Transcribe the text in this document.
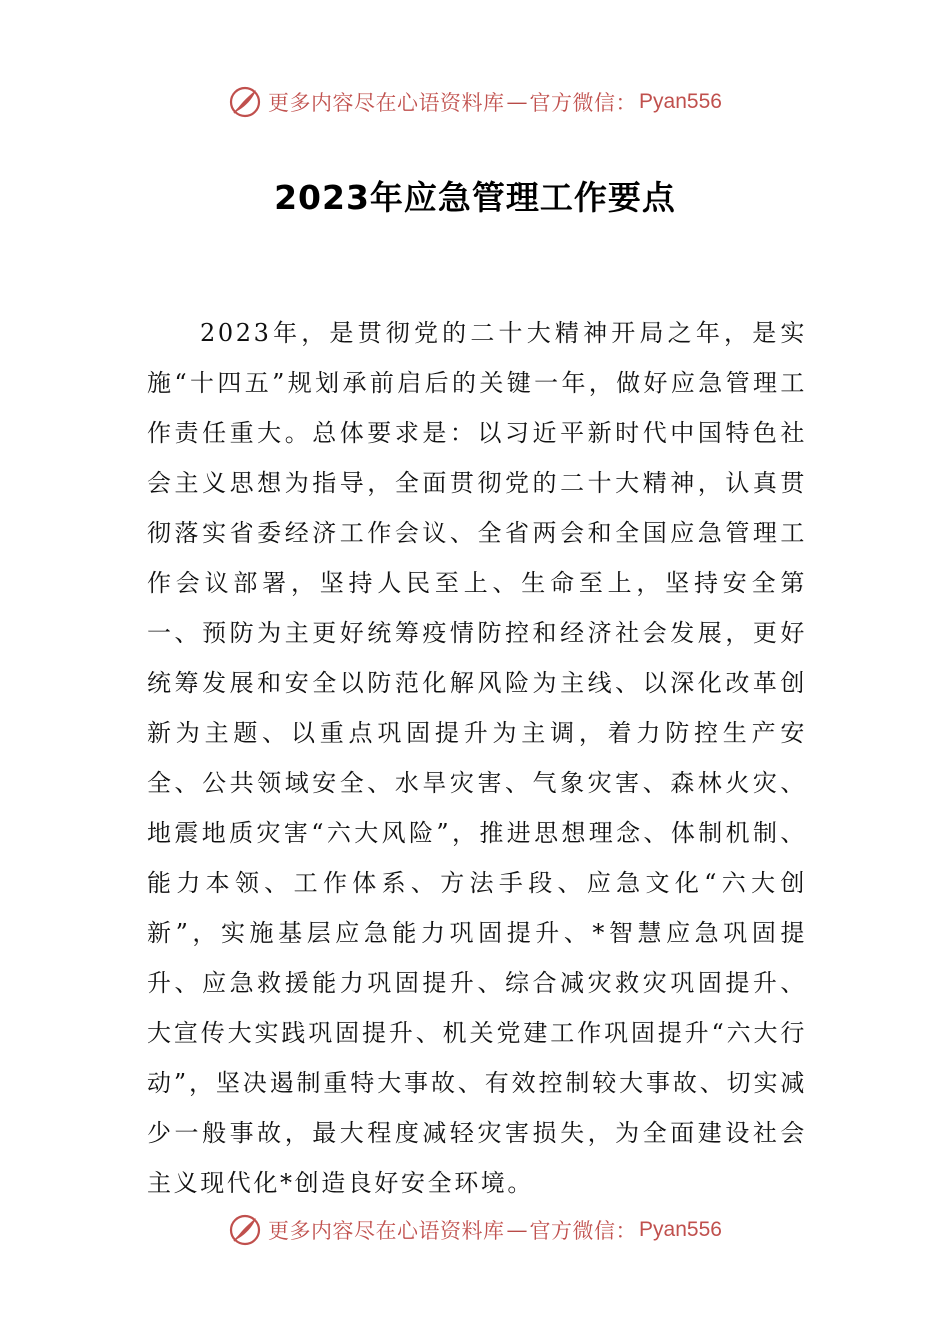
更多内容尽在心语资料库 — 官方微信： Pyan556
2023年应急管理工作要点

2023年，是贯彻党的二十大精神开局之年，是实施“十四五”规划承前启后的关键一年，做好应急管理工作责任重大。总体要求是：以习近平新时代中国特色社会主义思想为指导，全面贯彻党的二十大精神，认真贯彻落实省委经济工作会议、全省两会和全国应急管理工作会议部署，坚持人民至上、生命至上，坚持安全第一、预防为主更好统筹疫情防控和经济社会发展，更好统筹发展和安全以防范化解风险为主线、以深化改革创新为主题、以重点巩固提升为主调，着力防控生产安全、公共领域安全、水旱灾害、气象灾害、森林火灾、地震地质灾害“六大风险”，推进思想理念、体制机制、能力本领、工作体系、方法手段、应急文化“六大创新”，实施基层应急能力巩固提升、*智慧应急巩固提升、应急救援能力巩固提升、综合减灾救灾巩固提升、大宣传大实践巩固提升、机关党建工作巩固提升“六大行动”，坚决遏制重特大事故、有效控制较大事故、切实减少一般事故，最大程度减轻灾害损失，为全面建设社会主义现代化*创造良好安全环境。

更多内容尽在心语资料库 — 官方微信： Pyan556
